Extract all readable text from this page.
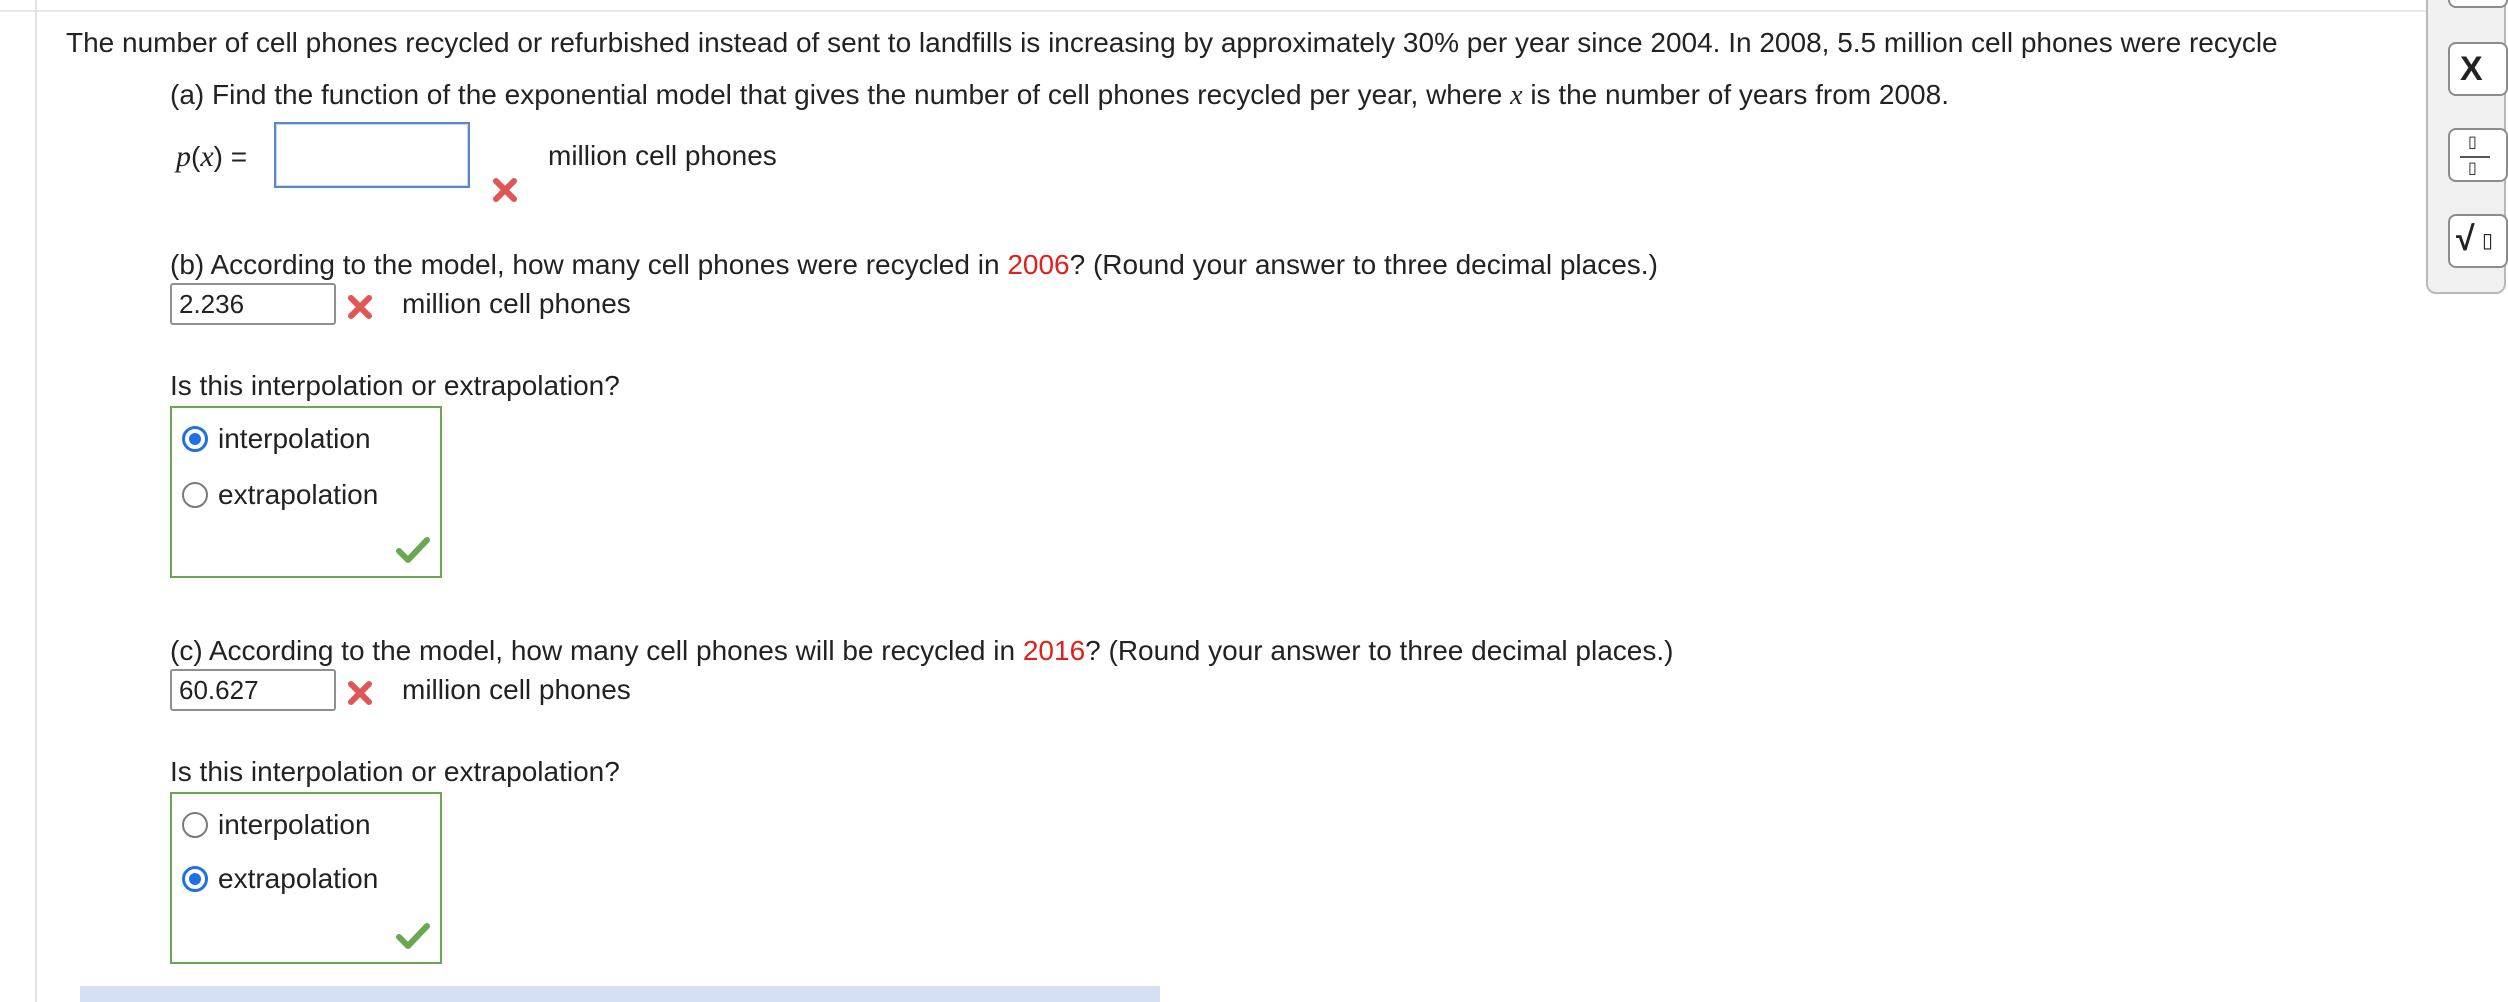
The number of cell phones recycled or refurbished instead of sent to landfills is increasing by approximately 30% per year since 2004. In 2008, 5.5 million cell phones were recycle
(a) Find the function of the exponential model that gives the number of cell phones recycled per year, where x is the number of years from 2008.
p(x) =	million cell phones
(b) According to the model, how many cell phones were recycled in 2006? (Round your answer to three decimal places.)
2.236	million cell phones
Is this interpolation or extrapolation?
interpolation
extrapolation
(c) According to the model, how many cell phones will be recycled in 2016? (Round your answer to three decimal places.)
60.627	million cell phones
Is this interpolation or extrapolation?
interpolation
extrapolation
X
▯
▯
√ ▯
